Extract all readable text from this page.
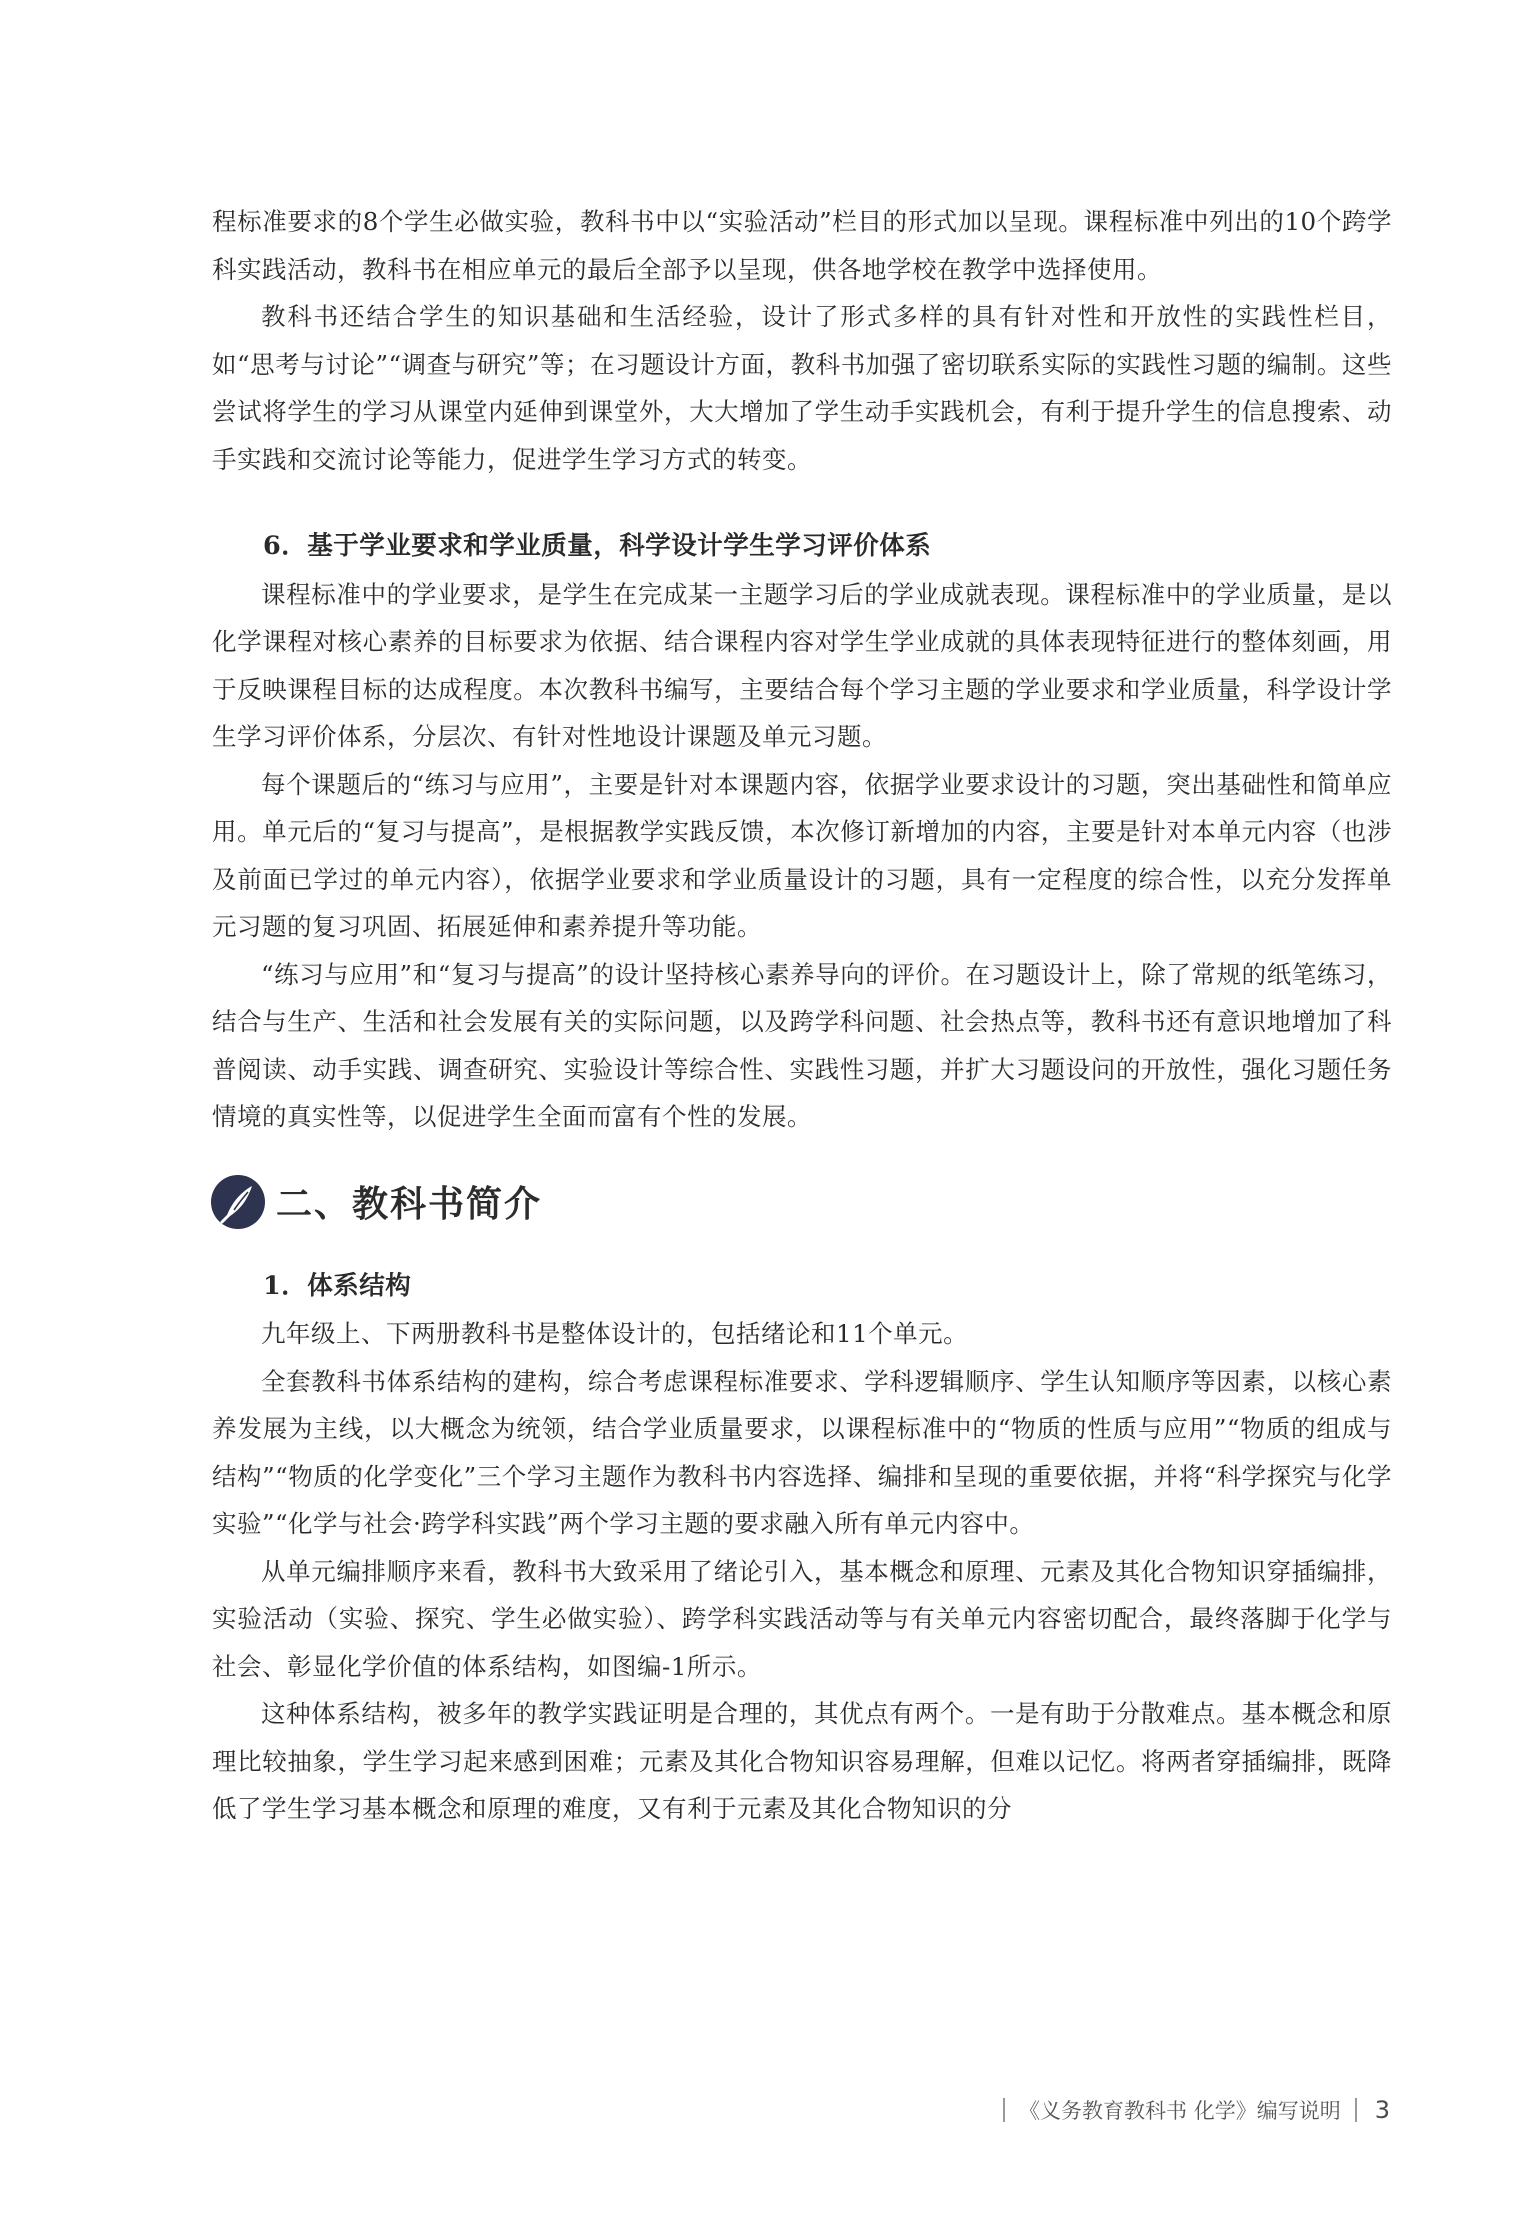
程标准要求的8个学生必做实验，教科书中以“实验活动”栏目的形式加以呈现。课程标准中列出的10个跨学科实践活动，教科书在相应单元的最后全部予以呈现，供各地学校在教学中选择使用。

教科书还结合学生的知识基础和生活经验，设计了形式多样的具有针对性和开放性的实践性栏目，如“思考与讨论”“调查与研究”等；在习题设计方面，教科书加强了密切联系实际的实践性习题的编制。这些尝试将学生的学习从课堂内延伸到课堂外，大大增加了学生动手实践机会，有利于提升学生的信息搜索、动手实践和交流讨论等能力，促进学生学习方式的转变。

6．基于学业要求和学业质量，科学设计学生学习评价体系

课程标准中的学业要求，是学生在完成某一主题学习后的学业成就表现。课程标准中的学业质量，是以化学课程对核心素养的目标要求为依据、结合课程内容对学生学业成就的具体表现特征进行的整体刻画，用于反映课程目标的达成程度。本次教科书编写，主要结合每个学习主题的学业要求和学业质量，科学设计学生学习评价体系，分层次、有针对性地设计课题及单元习题。

每个课题后的“练习与应用”，主要是针对本课题内容，依据学业要求设计的习题，突出基础性和简单应用。单元后的“复习与提高”，是根据教学实践反馈，本次修订新增加的内容，主要是针对本单元内容（也涉及前面已学过的单元内容），依据学业要求和学业质量设计的习题，具有一定程度的综合性，以充分发挥单元习题的复习巩固、拓展延伸和素养提升等功能。

“练习与应用”和“复习与提高”的设计坚持核心素养导向的评价。在习题设计上，除了常规的纸笔练习，结合与生产、生活和社会发展有关的实际问题，以及跨学科问题、社会热点等，教科书还有意识地增加了科普阅读、动手实践、调查研究、实验设计等综合性、实践性习题，并扩大习题设问的开放性，强化习题任务情境的真实性等，以促进学生全面而富有个性的发展。

二、教科书简介
1．体系结构

九年级上、下两册教科书是整体设计的，包括绪论和11个单元。

全套教科书体系结构的建构，综合考虑课程标准要求、学科逻辑顺序、学生认知顺序等因素，以核心素养发展为主线，以大概念为统领，结合学业质量要求，以课程标准中的“物质的性质与应用”“物质的组成与结构”“物质的化学变化”三个学习主题作为教科书内容选择、编排和呈现的重要依据，并将“科学探究与化学实验”“化学与社会·跨学科实践”两个学习主题的要求融入所有单元内容中。

从单元编排顺序来看，教科书大致采用了绪论引入，基本概念和原理、元素及其化合物知识穿插编排，实验活动（实验、探究、学生必做实验）、跨学科实践活动等与有关单元内容密切配合，最终落脚于化学与社会、彰显化学价值的体系结构，如图编-1所示。

这种体系结构，被多年的教学实践证明是合理的，其优点有两个。一是有助于分散难点。基本概念和原理比较抽象，学生学习起来感到困难；元素及其化合物知识容易理解，但难以记忆。将两者穿插编排，既降低了学生学习基本概念和原理的难度，又有利于元素及其化合物知识的分

《义务教育教科书 化学》编写说明 3
